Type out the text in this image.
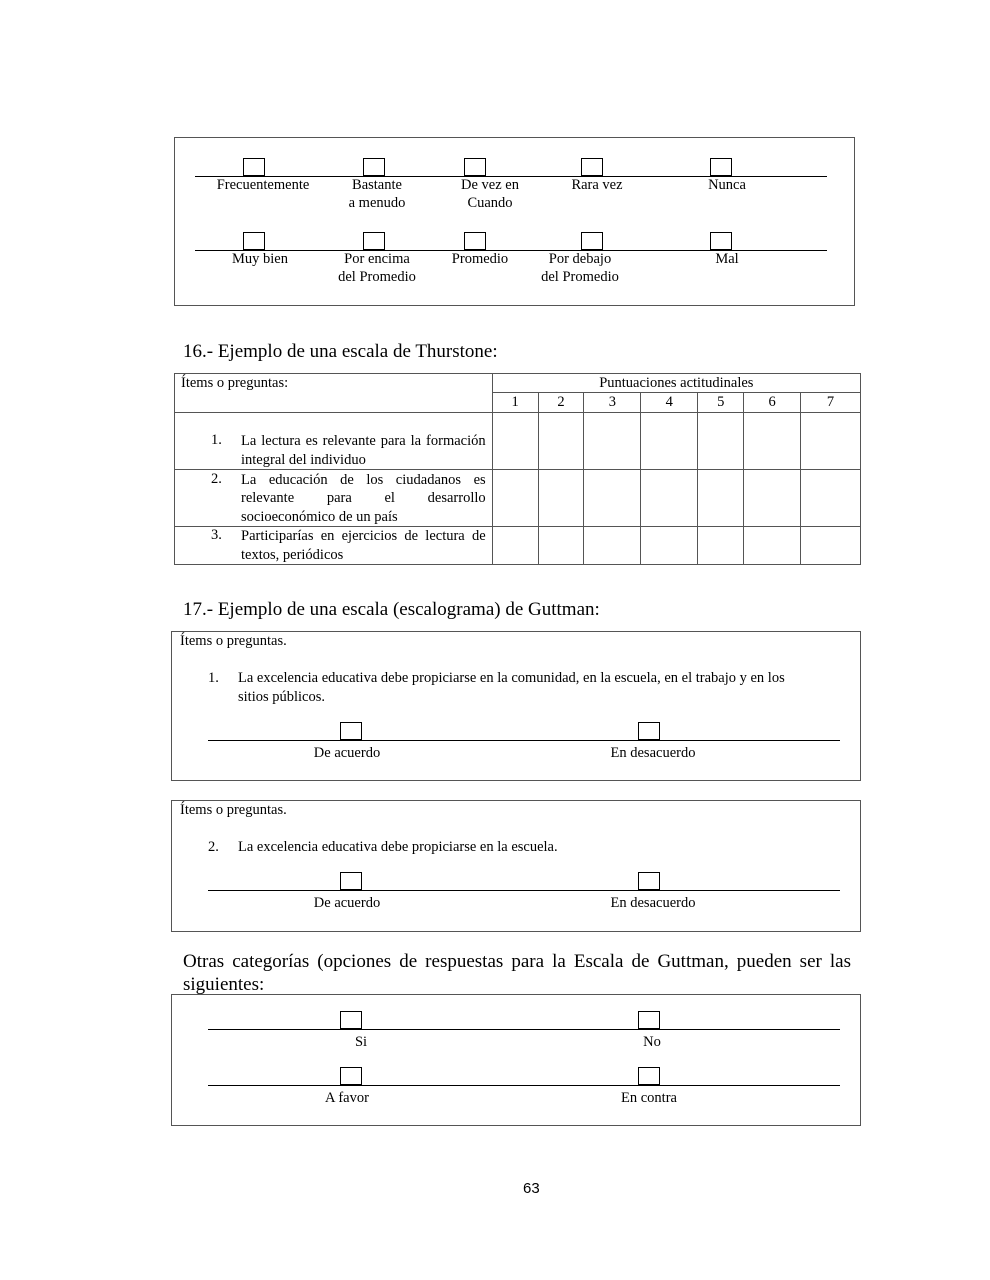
Frecuentemente	Bastante
a menudo
De vez en
Cuando
Rara vez	Nunca
Muy bien	Por encima
del Promedio
Promedio	Por debajo
del Promedio
Mal
16.- Ejemplo de una escala de Thurstone:
Ítems o preguntas:	Puntuaciones actitudinales						
	1	2	3	4	5	6	7

1. La lectura es relevante para la formación integral del individuo							

2. La educación de los ciudadanos es relevante para el desarrollo socioeconómico de un país							

3. Participarías en ejercicios de lectura de textos, periódicos							

17.- Ejemplo de una escala (escalograma) de Guttman:
Ítems o preguntas.
1. La excelencia educativa debe propiciarse en la comunidad, en la escuela, en el trabajo y en los
sitios públicos.
De acuerdo	En desacuerdo
Ítems o preguntas.
2. La excelencia educativa debe propiciarse en la escuela.
De acuerdo	En desacuerdo
Otras categorías (opciones de respuestas para la Escala de Guttman, pueden ser las siguientes:
Si	No
A favor	En contra
63
